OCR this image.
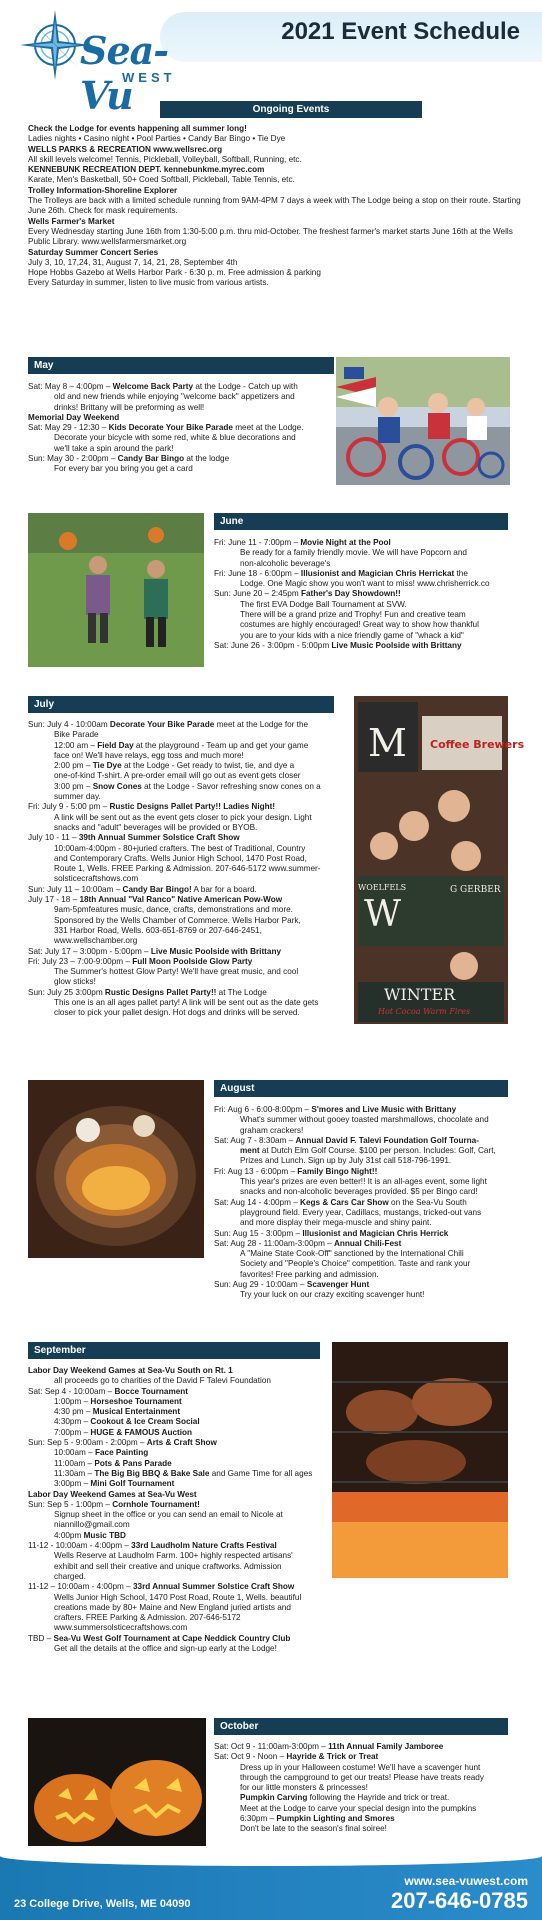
Sea-Vu
WEST
2021 Event Schedule
Ongoing Events

Check the Lodge for events happening all summer long!

Ladies nights • Casino night • Pool Parties • Candy Bar Bingo • Tie Dye

WELLS PARKS & RECREATION www.wellsrec.org

All skill levels welcome! Tennis, Pickleball, Volleyball, Softball, Running, etc.

KENNEBUNK RECREATION DEPT. kennebunkme.myrec.com

Karate, Men's Basketball, 50+ Coed Softball, Pickleball, Table Tennis, etc.

Trolley Information-Shoreline Explorer

The Trolleys are back with a limited schedule running from 9AM-4PM 7 days a week with The Lodge being a stop on their route. Starting June 26th. Check for mask requirements.

Wells Farmer's Market

Every Wednesday starting June 16th from 1:30-5:00 p.m. thru mid-October. The freshest farmer's market starts June 16th at the Wells Public Library. www.wellsfarmersmarket.org

Saturday Summer Concert Series

July 3, 10, 17,24, 31, August 7, 14, 21, 28, September 4th

Hope Hobbs Gazebo at Wells Harbor Park - 6:30 p. m. Free admission & parking

Every Saturday in summer, listen to live music from various artists.

May

Sat: May 8 – 4:00pm – Welcome Back Party at the Lodge - Catch up with

old and new friends while enjoying "welcome back" appetizers and

drinks! Brittany will be preforming as well!

Memorial Day Weekend

Sat: May 29 - 12:30 – Kids Decorate Your Bike Parade meet at the Lodge.

Decorate your bicycle with some red, white & blue decorations and

we'll take a spin around the park!

Sun: May 30 - 2:00pm – Candy Bar Bingo at the lodge

For every bar you bring you get a card

June

Fri: June 11 - 7:00pm – Movie Night at the Pool

Be ready for a family friendly movie. We will have Popcorn and

non-alcoholic beverage's

Fri: June 18 - 6:00pm – Illusionist and Magician Chris Herrickat the

Lodge. One Magic show you won't want to miss! www.chrisherrick.co

Sun: June 20 – 2:45pm Father's Day Showdown!!

The first EVA Dodge Ball Tournament at SVW.

There will be a grand prize and Trophy! Fun and creative team

costumes are highly encouraged! Great way to show how thankful

you are to your kids with a nice friendly game of "whack a kid"

Sat: June 26 - 3:00pm - 5:00pm Live Music Poolside with Brittany

July

Sun: July 4 - 10:00am Decorate Your Bike Parade meet at the Lodge for the

Bike Parade

12:00 am – Field Day at the playground - Team up and get your game

face on! We'll have relays, egg toss and much more!

2:00 pm – Tie Dye at the Lodge - Get ready to twist, tie, and dye a

one-of-kind T-shirt. A pre-order email will go out as event gets closer

3:00 pm – Snow Cones at the Lodge - Savor refreshing snow cones on a

summer day.

Fri: July 9 - 5:00 pm – Rustic Designs Pallet Party!! Ladies Night!

A link will be sent out as the event gets closer to pick your design. Light

snacks and "adult" beverages will be provided or BYOB.

July 10 - 11 – 39th Annual Summer Solstice Craft Show

10:00am-4:00pm - 80+juried crafters. The best of Traditional, Country

and Contemporary Crafts. Wells Junior High School, 1470 Post Road,

Route 1, Wells. FREE Parking & Admission. 207-646-5172 www.summer-

solsticecraftshows.com

Sun: July 11 – 10:00am – Candy Bar Bingo! A bar for a board.

July 17 - 18 – 18th Annual "Val Ranco" Native American Pow-Wow

9am-5pmfeatures music, dance, crafts, demonstrations and more.

Sponsored by the Wells Chamber of Commerce. Wells Harbor Park,

331 Harbor Road, Wells. 603-651-8769 or 207-646-2451,

www.wellschamber.org

Sat: July 17 – 3:00pm - 5:00pm – Live Music Poolside with Brittany

Fri: July 23 – 7:00-9:00pm – Full Moon Poolside Glow Party

The Summer's hottest Glow Party! We'll have great music, and cool

glow sticks!

Sun: July 25 3:00pm Rustic Designs Pallet Party!! at The Lodge

This one is an all ages pallet party! A link will be sent out as the date gets

closer to pick your pallet design. Hot dogs and drinks will be served.

M Coffee Brewers
W
G GERBER
WOELFELS
WINTER
Hot Cocoa Warm Fires
August

Fri: Aug 6 - 6:00-8:00pm – S'mores and Live Music with Brittany

What's summer without gooey toasted marshmallows, chocolate and

graham crackers!

Sat: Aug 7 - 8:30am – Annual David F. Talevi Foundation Golf Tourna-

ment at Dutch Elm Golf Course. $100 per person. Includes: Golf, Cart,

Prizes and Lunch. Sign up by July 31st call 518-796-1991.

Fri: Aug 13 - 6:00pm – Family Bingo Night!!

This year's prizes are even better!! It is an all-ages event, some light

snacks and non-alcoholic beverages provided. $5 per Bingo card!

Sat: Aug 14 - 4:00pm – Kegs & Cars Car Show on the Sea-Vu South

playground field. Every year, Cadillacs, mustangs, tricked-out vans

and more display their mega-muscle and shiny paint.

Sun: Aug 15 - 3:00pm – Illusionist and Magician Chris Herrick

Sat: Aug 28 - 11:00am-3:00pm – Annual Chili-Fest

A "Maine State Cook-Off" sanctioned by the International Chili

Society and "People's Choice" competition. Taste and rank your

favorites! Free parking and admission.

Sun: Aug 29 - 10:00am – Scavenger Hunt

Try your luck on our crazy exciting scavenger hunt!

September

Labor Day Weekend Games at Sea-Vu South on Rt. 1

all proceeds go to charities of the David F Talevi Foundation

Sat: Sep 4 - 10:00am – Bocce Tournament

1:00pm – Horseshoe Tournament

4:30 pm – Musical Entertainment

4:30pm – Cookout & Ice Cream Social

7:00pm – HUGE & FAMOUS Auction

Sun: Sep 5 - 9:00am - 2:00pm – Arts & Craft Show

10:00am – Face Painting

11:00am – Pots & Pans Parade

11:30am – The Big Big BBQ & Bake Sale and Game Time for all ages

3:00pm – Mini Golf Tournament

Labor Day Weekend Games at Sea-Vu West

Sun: Sep 5 - 1:00pm – Cornhole Tournament!

Signup sheet in the office or you can send an email to Nicole at

niannillo@gmail.com

4:00pm Music TBD

11-12 - 10:00am - 4:00pm – 33rd Laudholm Nature Crafts Festival

Wells Reserve at Laudholm Farm. 100+ highly respected artisans'

exhibit and sell their creative and unique craftworks. Admission

charged.

11-12 – 10:00am - 4:00pm – 33rd Annual Summer Solstice Craft Show

Wells Junior High School, 1470 Post Road, Route 1, Wells. beautiful

creations made by 80+ Maine and New England juried artists and

crafters. FREE Parking & Admission. 207-646-5172

www.summersolsticecraftshows.com

TBD – Sea-Vu West Golf Tournament at Cape Neddick Country Club

Get all the details at the office and sign-up early at the Lodge!

October

Sat: Oct 9 - 11:00am-3:00pm – 11th Annual Family Jamboree

Sat: Oct 9 - Noon – Hayride & Trick or Treat

Dress up in your Halloween costume! We'll have a scavenger hunt

through the campground to get our treats! Please have treats ready

for our little monsters & princesses!

Pumpkin Carving following the Hayride and trick or treat.

Meet at the Lodge to carve your special design into the pumpkins

6:30pm – Pumpkin Lighting and Smores

Don't be late to the season's final soiree!

23 College Drive, Wells, ME 04090
www.sea-vuwest.com
207-646-0785
